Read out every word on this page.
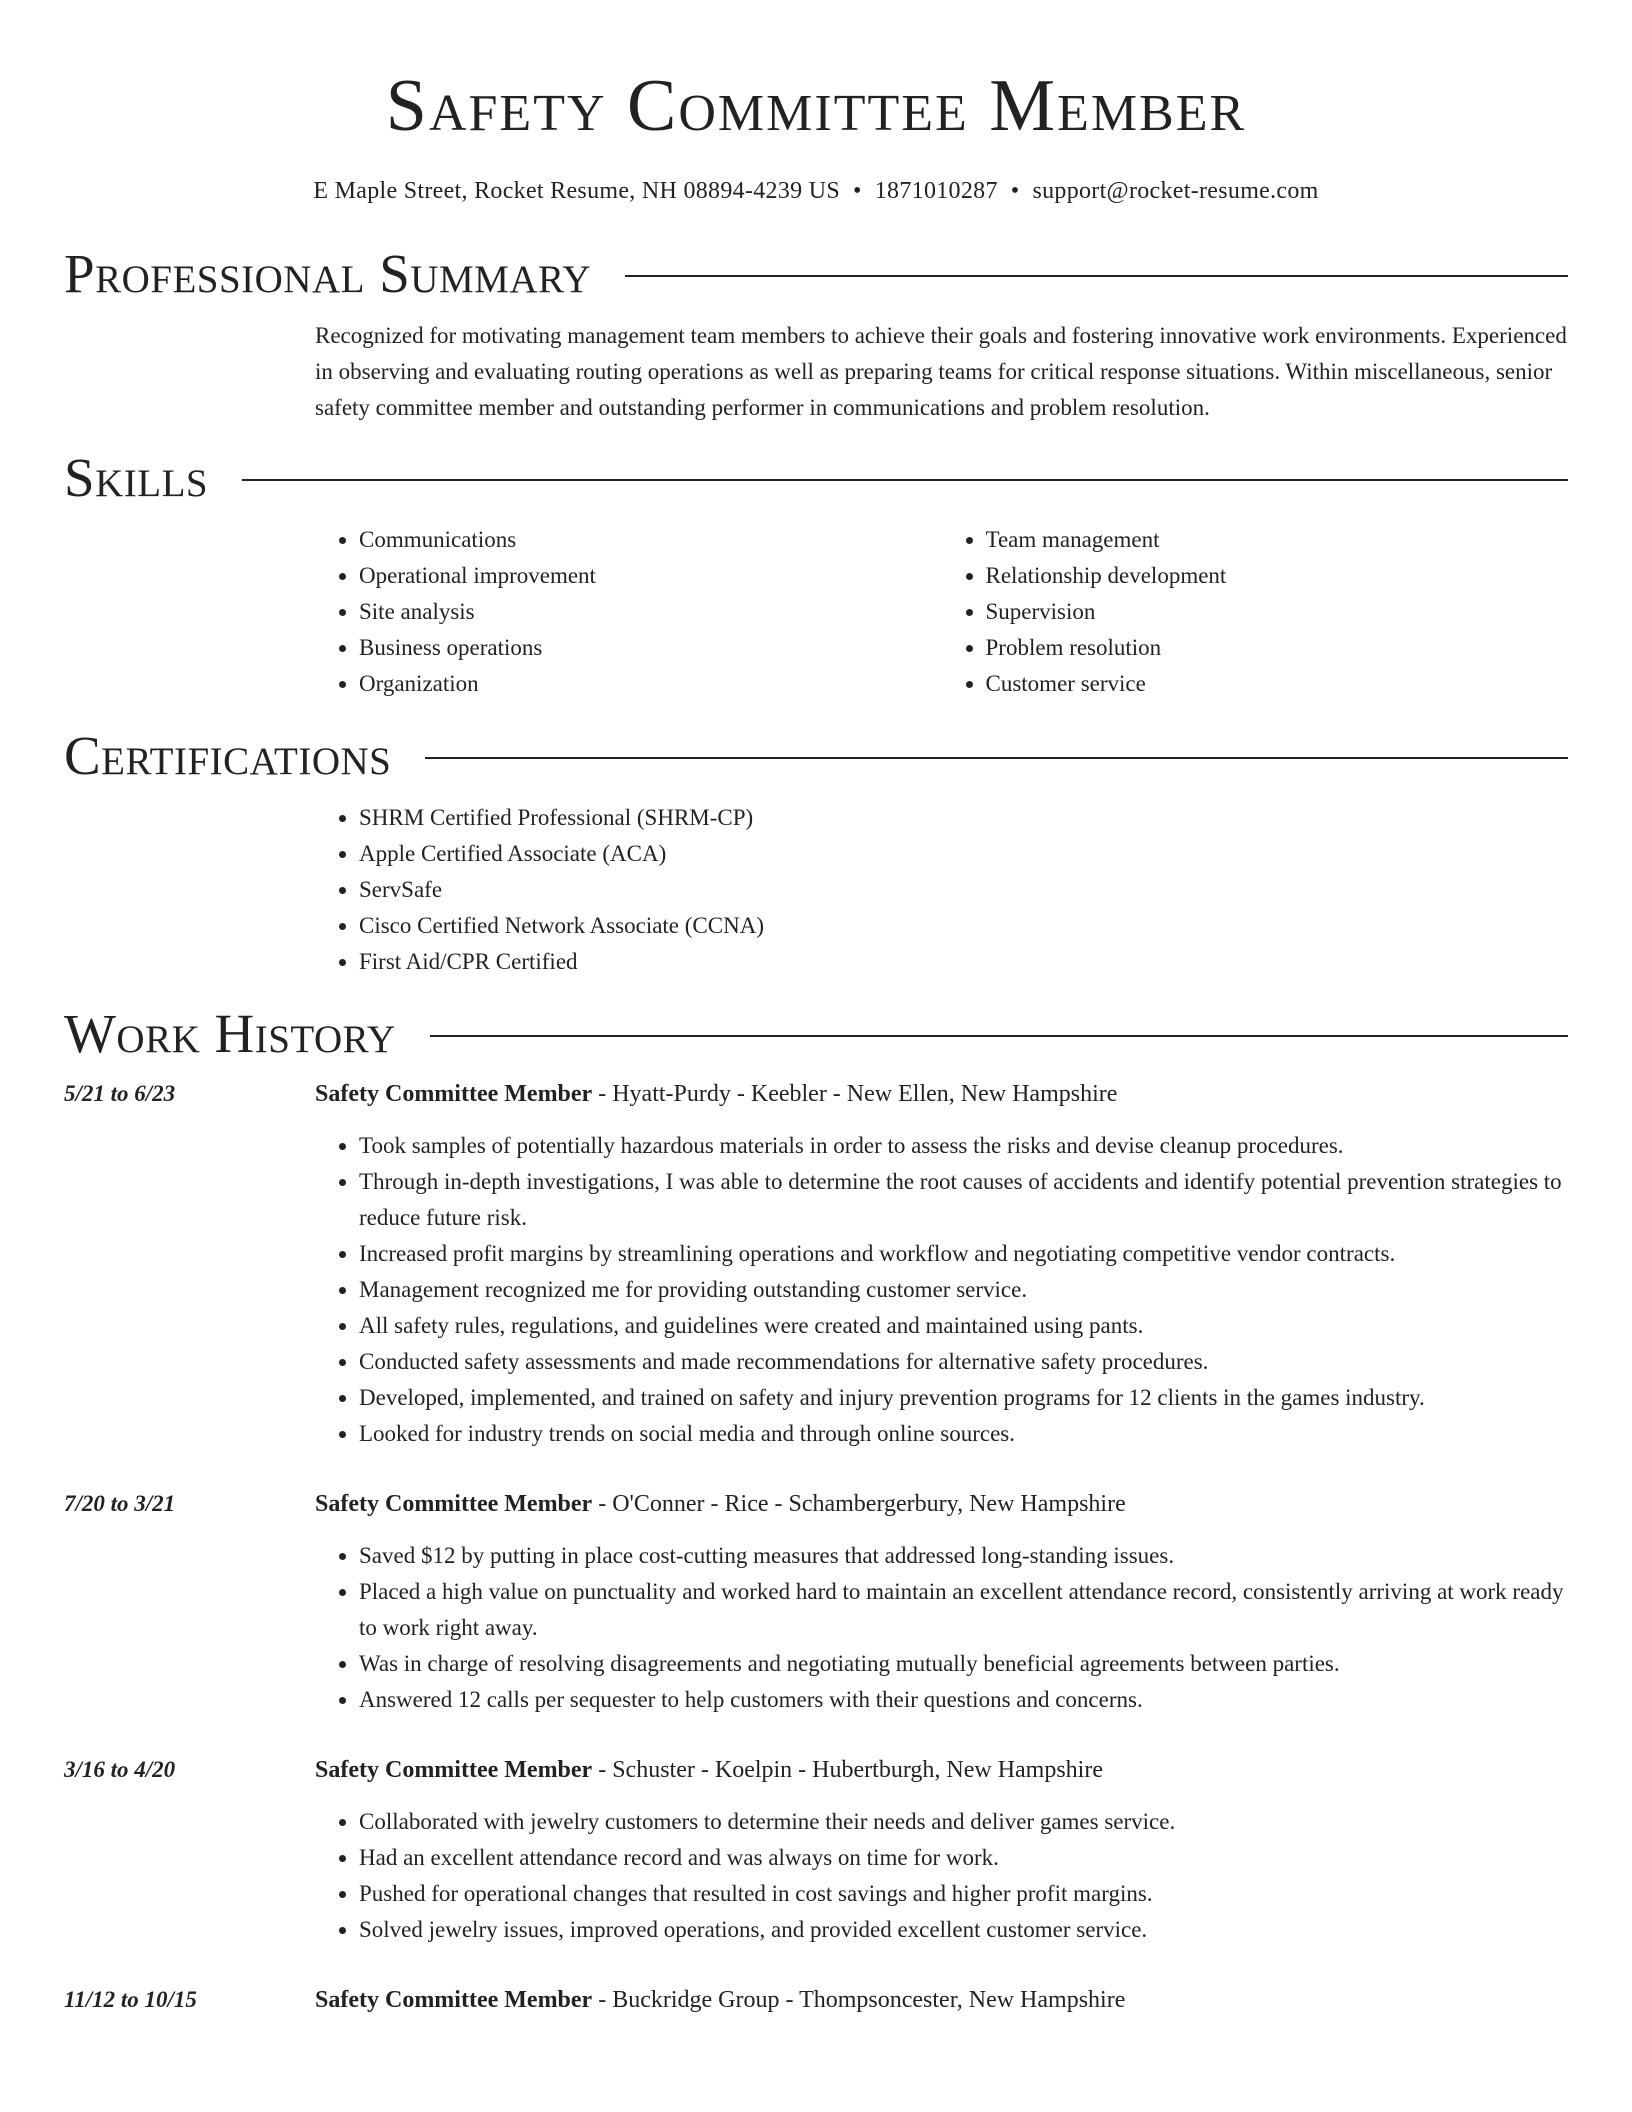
Safety Committee Member
E Maple Street, Rocket Resume, NH 08894-4239 US • 1871010287 • support@rocket-resume.com
Professional Summary
Recognized for motivating management team members to achieve their goals and fostering innovative work environments. Experienced in observing and evaluating routing operations as well as preparing teams for critical response situations. Within miscellaneous, senior safety committee member and outstanding performer in communications and problem resolution.
Skills
• Communications
• Operational improvement
• Site analysis
• Business operations
• Organization
• Team management
• Relationship development
• Supervision
• Problem resolution
• Customer service
Certifications
• SHRM Certified Professional (SHRM-CP)
• Apple Certified Associate (ACA)
• ServSafe
• Cisco Certified Network Associate (CCNA)
• First Aid/CPR Certified
Work History
5/21 to 6/23	Safety Committee Member - Hyatt-Purdy - Keebler - New Ellen, New Hampshire
• Took samples of potentially hazardous materials in order to assess the risks and devise cleanup procedures.
• Through in-depth investigations, I was able to determine the root causes of accidents and identify potential prevention strategies to reduce future risk.
• Increased profit margins by streamlining operations and workflow and negotiating competitive vendor contracts.
• Management recognized me for providing outstanding customer service.
• All safety rules, regulations, and guidelines were created and maintained using pants.
• Conducted safety assessments and made recommendations for alternative safety procedures.
• Developed, implemented, and trained on safety and injury prevention programs for 12 clients in the games industry.
• Looked for industry trends on social media and through online sources.
7/20 to 3/21	Safety Committee Member - O'Conner - Rice - Schambergerbury, New Hampshire
• Saved $12 by putting in place cost-cutting measures that addressed long-standing issues.
• Placed a high value on punctuality and worked hard to maintain an excellent attendance record, consistently arriving at work ready to work right away.
• Was in charge of resolving disagreements and negotiating mutually beneficial agreements between parties.
• Answered 12 calls per sequester to help customers with their questions and concerns.
3/16 to 4/20	Safety Committee Member - Schuster - Koelpin - Hubertburgh, New Hampshire
• Collaborated with jewelry customers to determine their needs and deliver games service.
• Had an excellent attendance record and was always on time for work.
• Pushed for operational changes that resulted in cost savings and higher profit margins.
• Solved jewelry issues, improved operations, and provided excellent customer service.
11/12 to 10/15	Safety Committee Member - Buckridge Group - Thompsoncester, New Hampshire
